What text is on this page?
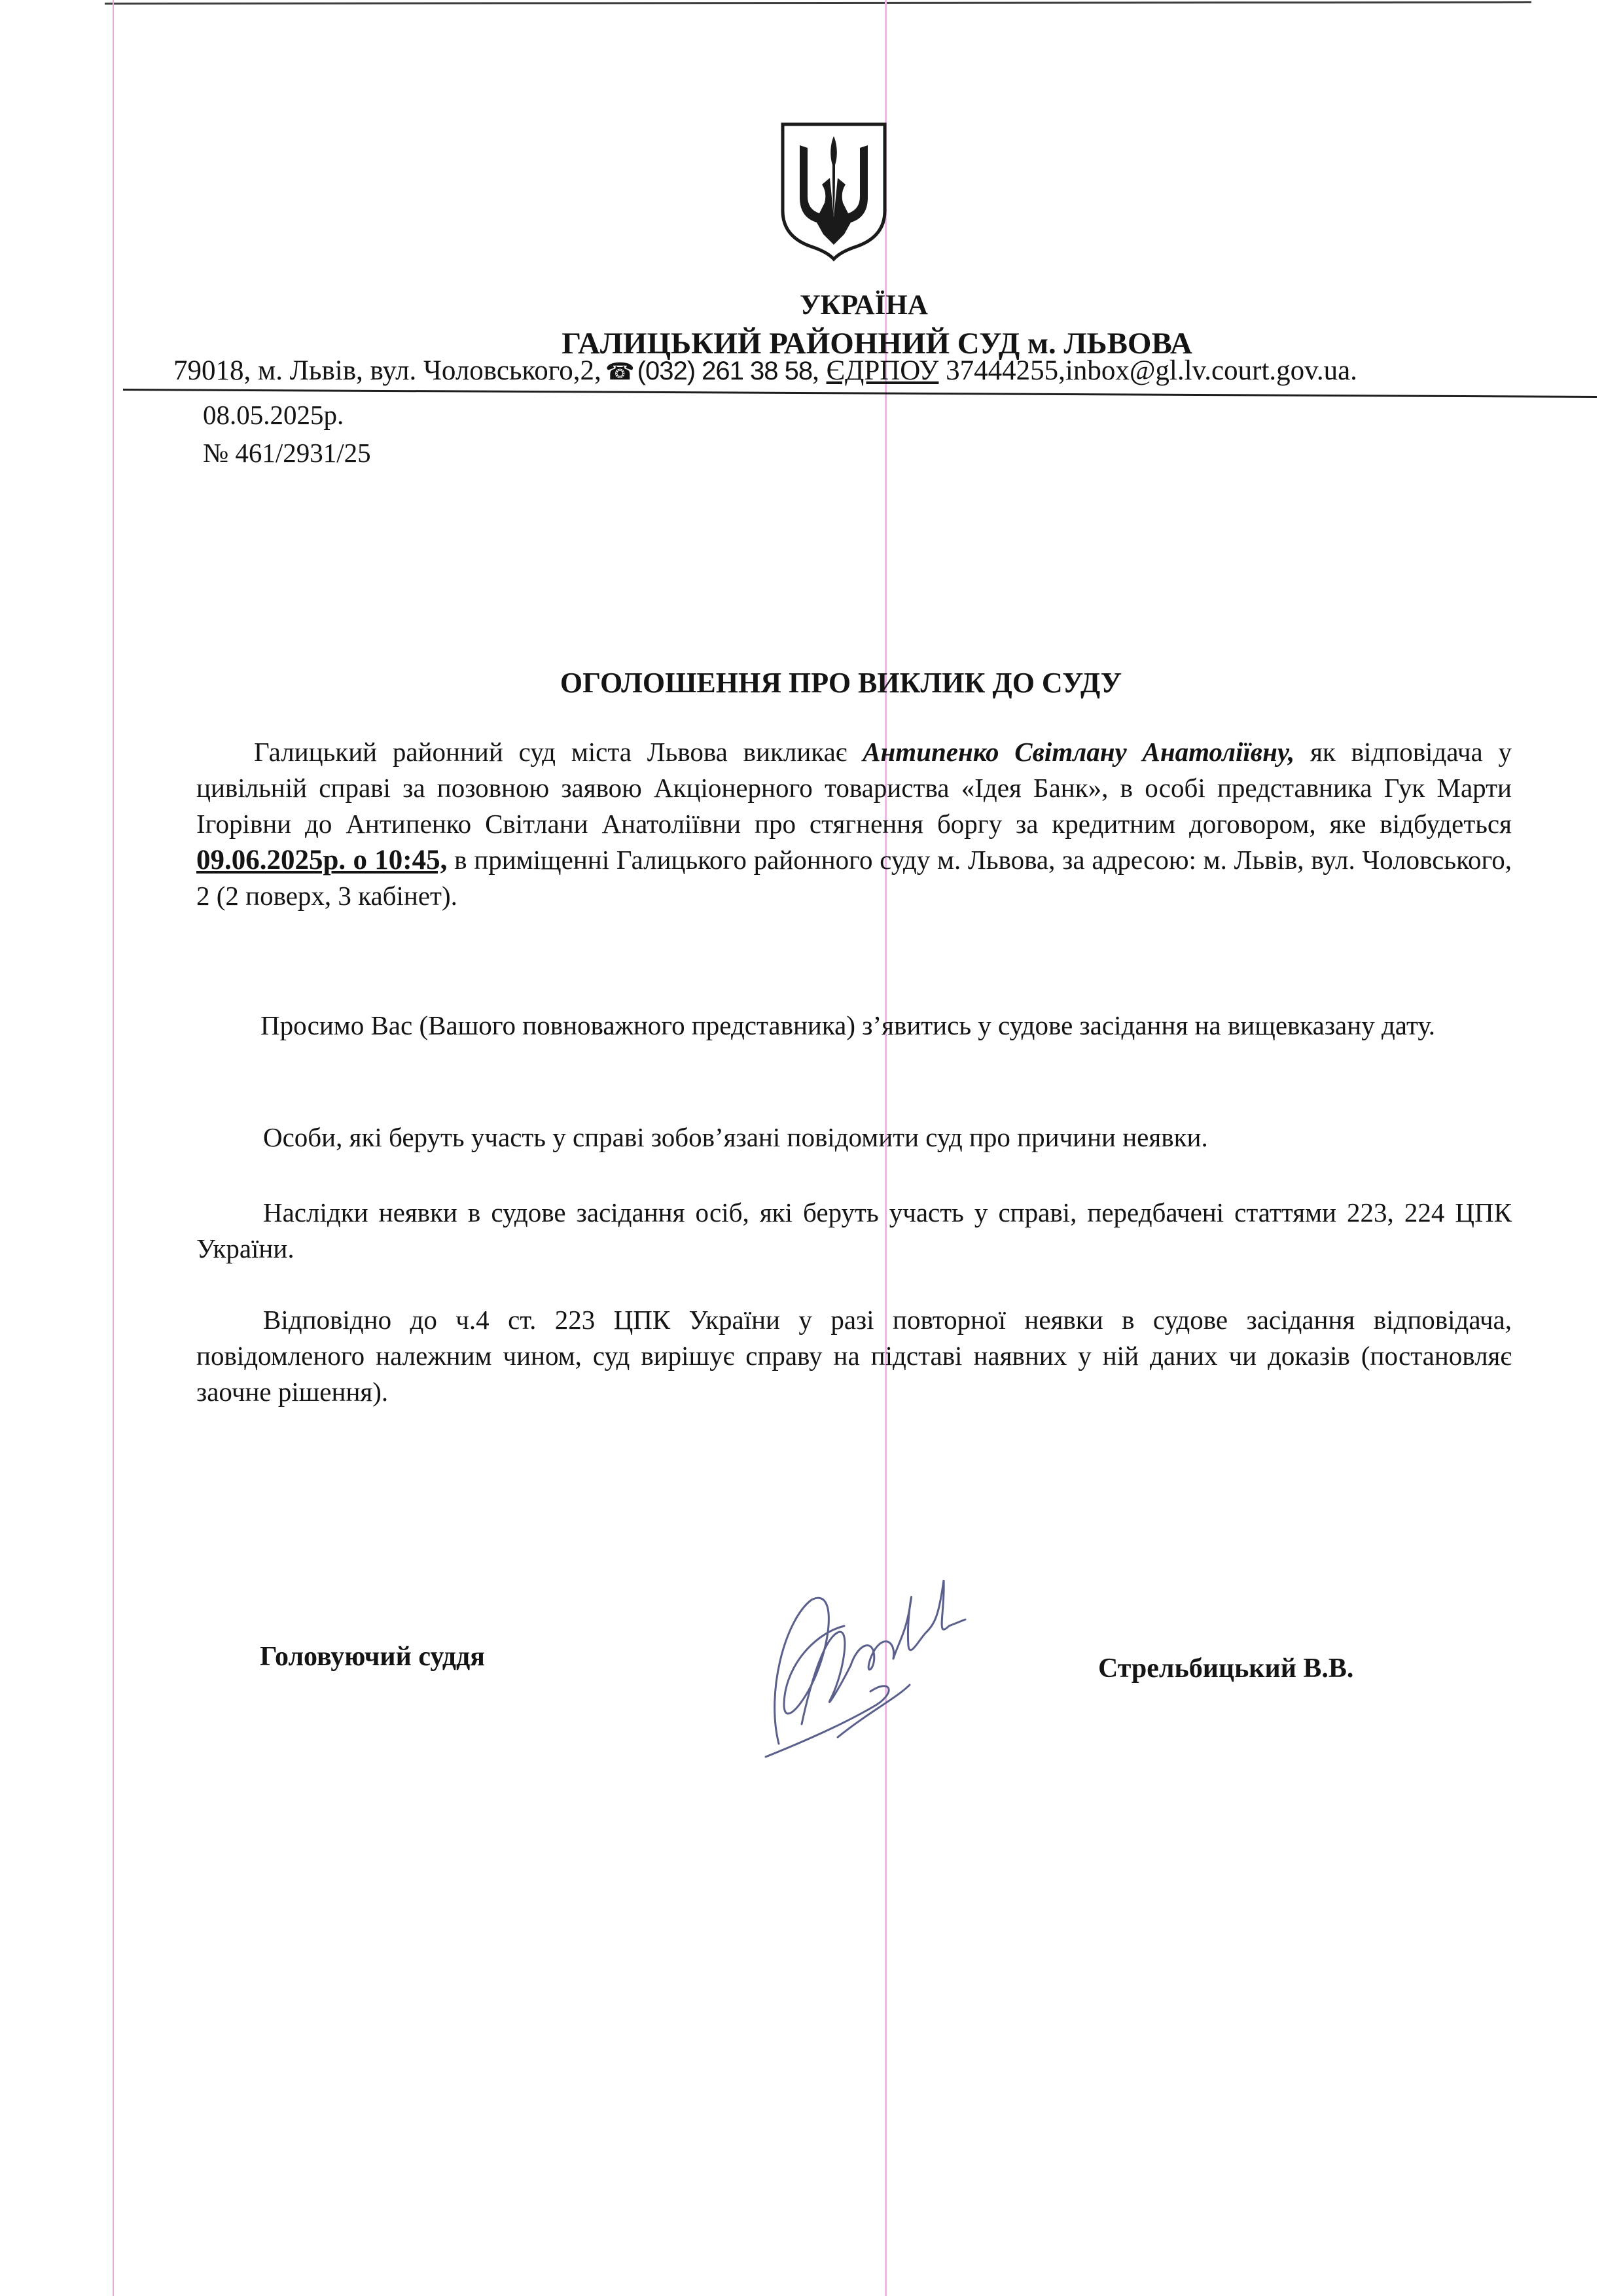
УКРАЇНА
ГАЛИЦЬКИЙ РАЙОННИЙ СУД м. ЛЬВОВА
79018, м. Львів, вул. Чоловського,2, ☎ (032) 261 38 58, ЄДРПОУ 37444255,inbox@gl.lv.court.gov.ua.
08.05.2025р.
№ 461/2931/25
ОГОЛОШЕННЯ ПРО ВИКЛИК ДО СУДУ
Галицький районний суд міста Львова викликає Антипенко Світлану Анатоліївну, як відповідача у цивільній справі за позовною заявою Акціонерного товариства «Ідея Банк», в особі представника Гук Марти Ігорівни до Антипенко Світлани Анатоліївни про стягнення боргу за кредитним договором, яке відбудеться 09.06.2025р. о 10:45, в приміщенні Галицького районного суду м. Львова, за адресою: м. Львів, вул. Чоловського, 2 (2 поверх, 3 кабінет).
Просимо Вас (Вашого повноважного представника) з’явитись у судове засідання на вищевказану дату.
Особи, які беруть участь у справі зобов’язані повідомити суд про причини неявки.
Наслідки неявки в судове засідання осіб, які беруть участь у справі, передбачені статтями 223, 224 ЦПК України.
Відповідно до ч.4 ст. 223 ЦПК України у разі повторної неявки в судове засідання відповідача, повідомленого належним чином, суд вирішує справу на підставі наявних у ній даних чи доказів (постановляє заочне рішення).
Головуючий суддя	Стрельбицький В.В.
